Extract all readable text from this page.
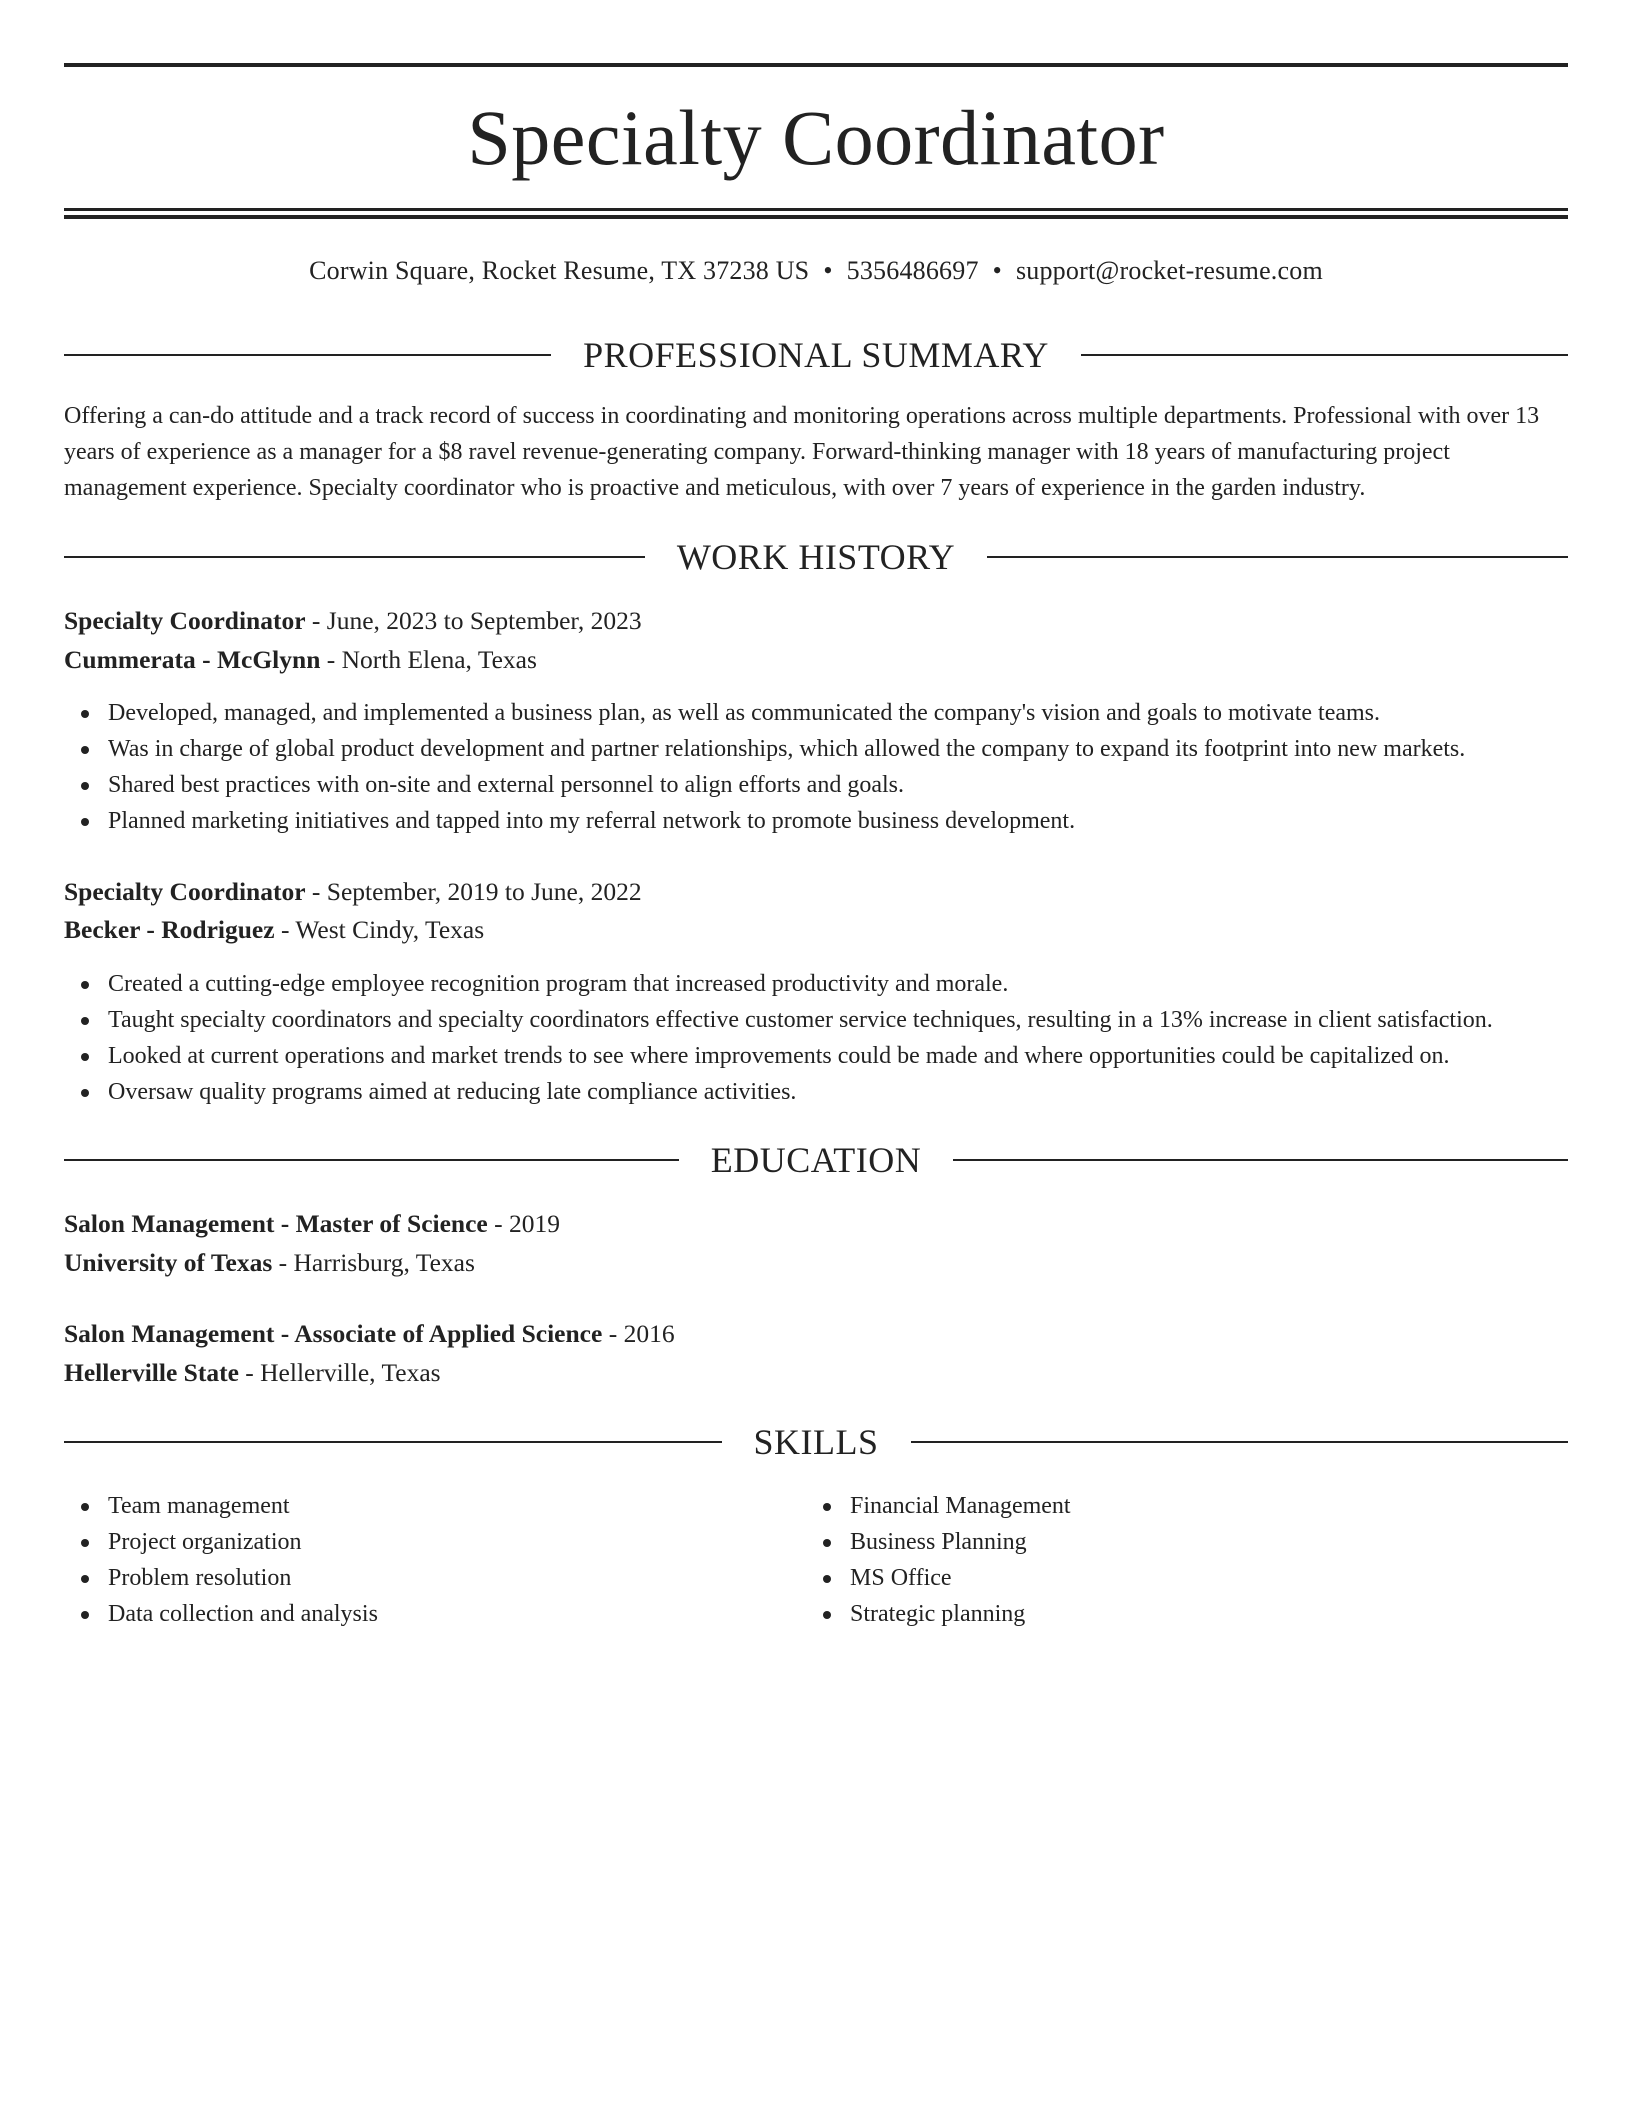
Specialty Coordinator
Corwin Square, Rocket Resume, TX 37238 US • 5356486697 • support@rocket-resume.com
PROFESSIONAL SUMMARY

Offering a can-do attitude and a track record of success in coordinating and monitoring operations across multiple departments. Professional with over 13 years of experience as a manager for a $8 ravel revenue-generating company. Forward-thinking manager with 18 years of manufacturing project management experience. Specialty coordinator who is proactive and meticulous, with over 7 years of experience in the garden industry.

WORK HISTORY
Specialty Coordinator - June, 2023 to September, 2023
Cummerata - McGlynn - North Elena, Texas
Developed, managed, and implemented a business plan, as well as communicated the company's vision and goals to motivate teams.
Was in charge of global product development and partner relationships, which allowed the company to expand its footprint into new markets.
Shared best practices with on-site and external personnel to align efforts and goals.
Planned marketing initiatives and tapped into my referral network to promote business development.
Specialty Coordinator - September, 2019 to June, 2022
Becker - Rodriguez - West Cindy, Texas
Created a cutting-edge employee recognition program that increased productivity and morale.
Taught specialty coordinators and specialty coordinators effective customer service techniques, resulting in a 13% increase in client satisfaction.
Looked at current operations and market trends to see where improvements could be made and where opportunities could be capitalized on.
Oversaw quality programs aimed at reducing late compliance activities.
EDUCATION
Salon Management - Master of Science - 2019
University of Texas - Harrisburg, Texas
Salon Management - Associate of Applied Science - 2016
Hellerville State - Hellerville, Texas
SKILLS
Team management
Project organization
Problem resolution
Data collection and analysis
Financial Management
Business Planning
MS Office
Strategic planning
